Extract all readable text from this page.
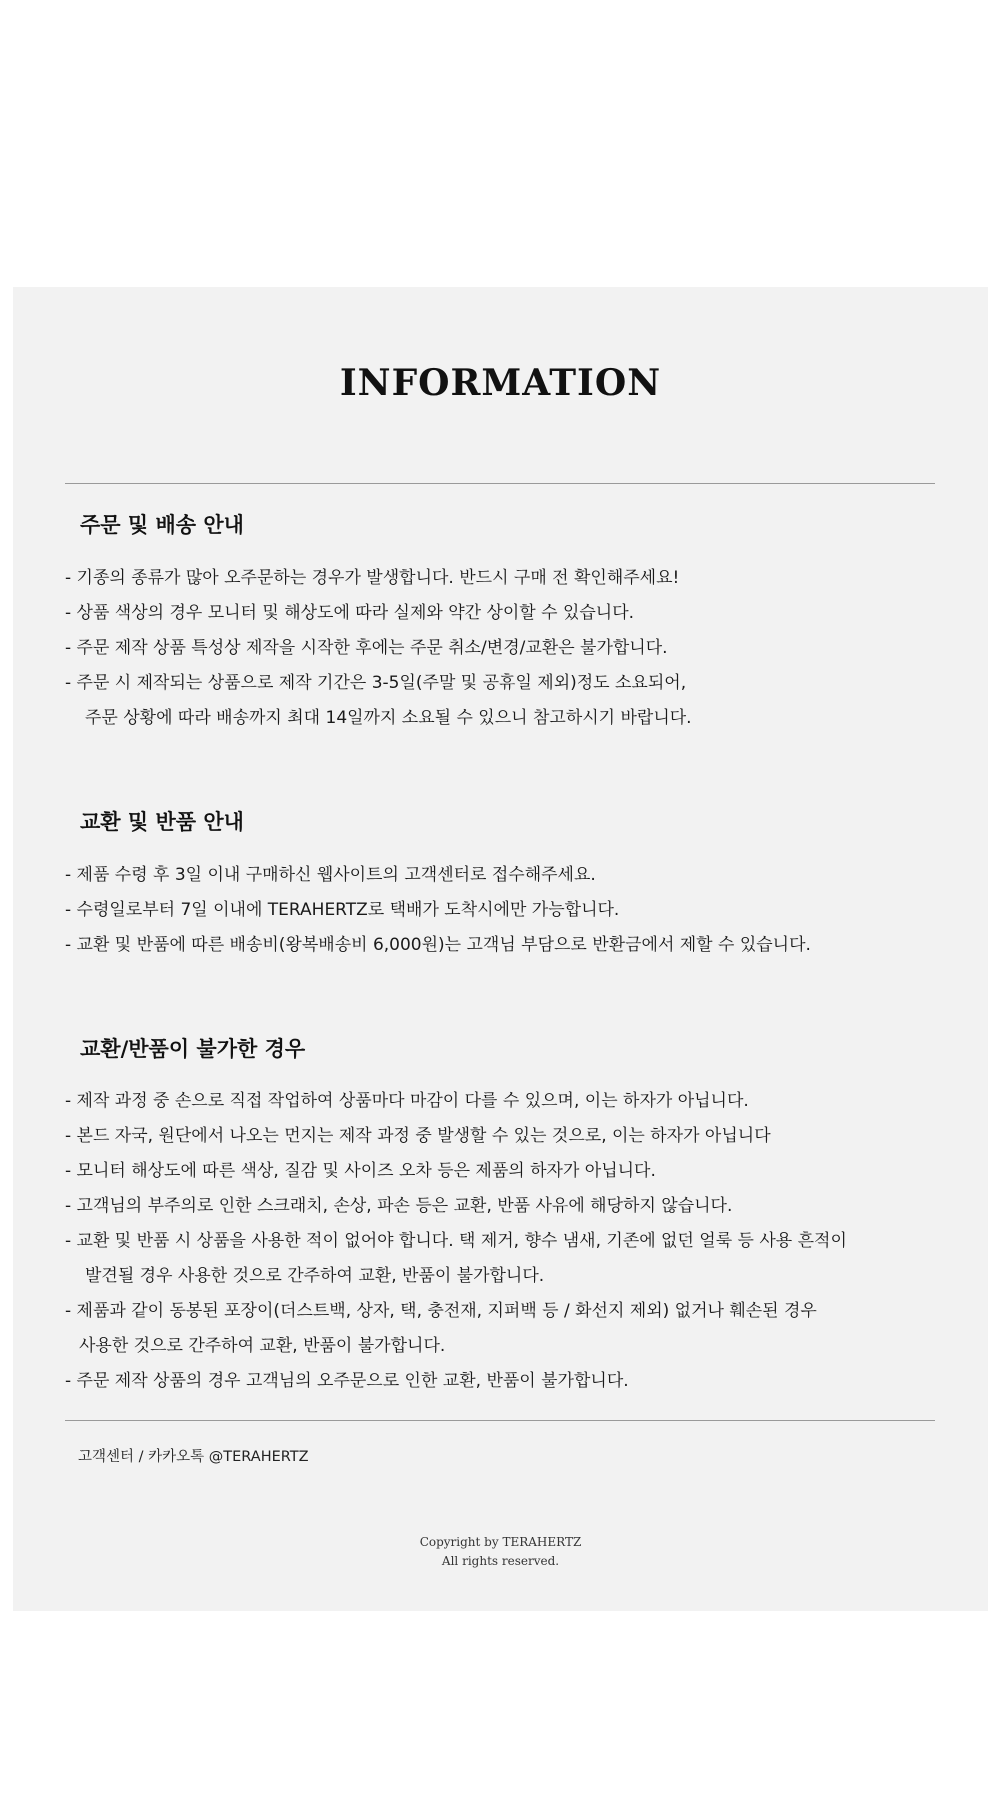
INFORMATION
주문 및 배송 안내
- 기종의 종류가 많아 오주문하는 경우가 발생합니다. 반드시 구매 전 확인해주세요!
- 상품 색상의 경우 모니터 및 해상도에 따라 실제와 약간 상이할 수 있습니다.
- 주문 제작 상품 특성상 제작을 시작한 후에는 주문 취소/변경/교환은 불가합니다.
- 주문 시 제작되는 상품으로 제작 기간은 3-5일(주말 및 공휴일 제외)정도 소요되어,
주문 상황에 따라 배송까지 최대 14일까지 소요될 수 있으니 참고하시기 바랍니다.
교환 및 반품 안내
- 제품 수령 후 3일 이내 구매하신 웹사이트의 고객센터로 접수해주세요.
- 수령일로부터 7일 이내에 TERAHERTZ로 택배가 도착시에만 가능합니다.
- 교환 및 반품에 따른 배송비(왕복배송비 6,000원)는 고객님 부담으로 반환금에서 제할 수 있습니다.
교환/반품이 불가한 경우
- 제작 과정 중 손으로 직접 작업하여 상품마다 마감이 다를 수 있으며, 이는 하자가 아닙니다.
- 본드 자국, 원단에서 나오는 먼지는 제작 과정 중 발생할 수 있는 것으로, 이는 하자가 아닙니다
- 모니터 해상도에 따른 색상, 질감 및 사이즈 오차 등은 제품의 하자가 아닙니다.
- 고객님의 부주의로 인한 스크래치, 손상, 파손 등은 교환, 반품 사유에 해당하지 않습니다.
- 교환 및 반품 시 상품을 사용한 적이 없어야 합니다. 택 제거, 향수 냄새, 기존에 없던 얼룩 등 사용 흔적이
발견될 경우 사용한 것으로 간주하여 교환, 반품이 불가합니다.
- 제품과 같이 동봉된 포장이(더스트백, 상자, 택, 충전재, 지퍼백 등 / 화선지 제외) 없거나 훼손된 경우
사용한 것으로 간주하여 교환, 반품이 불가합니다.
- 주문 제작 상품의 경우 고객님의 오주문으로 인한 교환, 반품이 불가합니다.
고객센터 / 카카오톡 @TERAHERTZ
Copyright by TERAHERTZ
All rights reserved.
